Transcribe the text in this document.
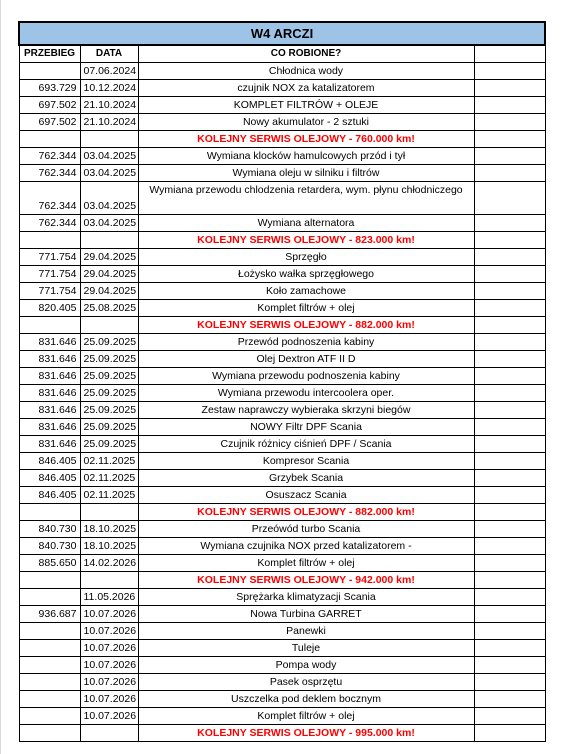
W4 ARCZI			
PRZEBIEG	DATA	CO ROBIONE?	
	07.06.2024	Chłodnica wody	
693.729	10.12.2024	czujnik NOX za katalizatorem	
697.502	21.10.2024	KOMPLET FILTRÓW + OLEJE	
697.502	21.10.2024	Nowy akumulator - 2 sztuki	
		KOLEJNY SERWIS OLEJOWY - 760.000 km!	
762.344	03.04.2025	Wymiana klocków hamulcowych przód i tył	
762.344	03.04.2025	Wymiana oleju w silniku i filtrów	
762.344	03.04.2025	Wymiana przewodu chlodzenia retardera, wym. płynu chłodniczego	
762.344	03.04.2025	Wymiana alternatora	
		KOLEJNY SERWIS OLEJOWY - 823.000 km!	
771.754	29.04.2025	Sprzęgło	
771.754	29.04.2025	Łożysko wałka sprzęgłowego	
771.754	29.04.2025	Koło zamachowe	
820.405	25.08.2025	Komplet filtrów + olej	
		KOLEJNY SERWIS OLEJOWY - 882.000 km!	
831.646	25.09.2025	Przewód podnoszenia kabiny	
831.646	25.09.2025	Olej Dextron ATF II D	
831.646	25.09.2025	Wymiana przewodu podnoszenia kabiny	
831.646	25.09.2025	Wymiana przewodu intercoolera oper.	
831.646	25.09.2025	Zestaw naprawczy wybieraka skrzyni biegów	
831.646	25.09.2025	NOWY Filtr DPF Scania	
831.646	25.09.2025	Czujnik różnicy ciśnień DPF / Scania	
846.405	02.11.2025	Kompresor Scania	
846.405	02.11.2025	Grzybek Scania	
846.405	02.11.2025	Osuszacz Scania	
		KOLEJNY SERWIS OLEJOWY - 882.000 km!	
840.730	18.10.2025	Przeówód turbo Scania	
840.730	18.10.2025	Wymiana czujnika NOX przed katalizatorem -	
885.650	14.02.2026	Komplet filtrów + olej	
		KOLEJNY SERWIS OLEJOWY - 942.000 km!	
	11.05.2026	Sprężarka klimatyzacji Scania	
936.687	10.07.2026	Nowa Turbina GARRET	
	10.07.2026	Panewki	
	10.07.2026	Tuleje	
	10.07.2026	Pompa wody	
	10.07.2026	Pasek osprzętu	
	10.07.2026	Uszczelka pod deklem bocznym	
	10.07.2026	Komplet filtrów + olej	
		KOLEJNY SERWIS OLEJOWY - 995.000 km!	
